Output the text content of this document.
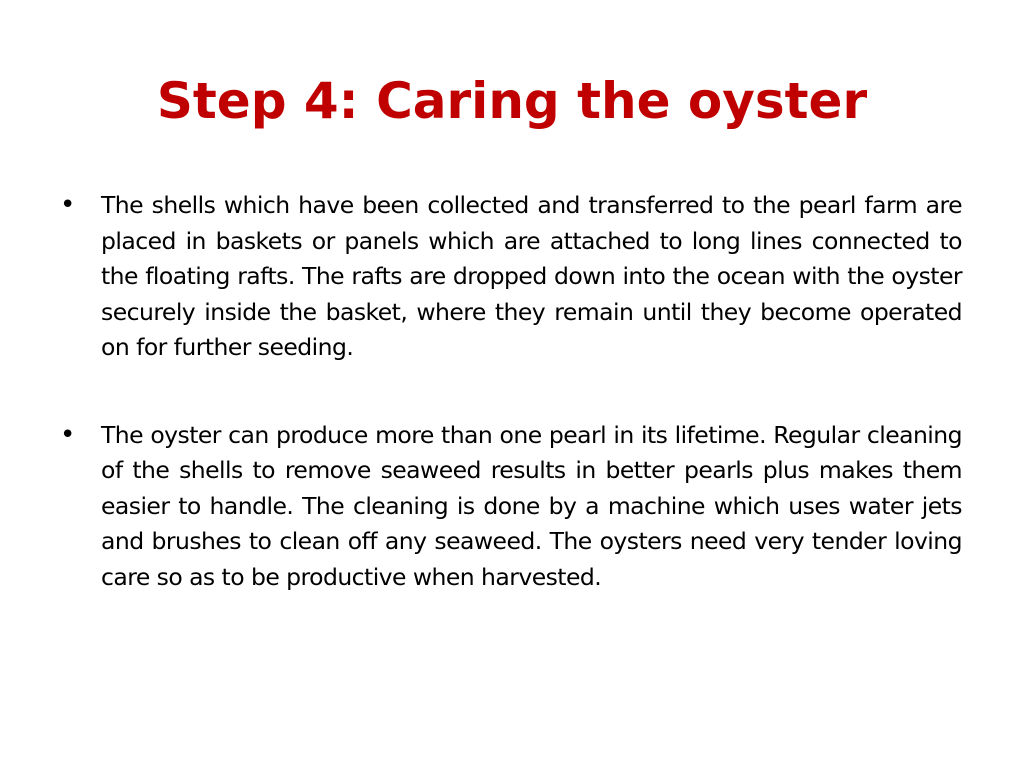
Step 4: Caring the oyster
• The shells which have been collected and transferred to the pearl farm are placed in baskets or panels which are attached to long lines connected to the floating rafts. The rafts are dropped down into the ocean with the oyster securely inside the basket, where they remain until they become operated on for further seeding.
• The oyster can produce more than one pearl in its lifetime. Regular cleaning of the shells to remove seaweed results in better pearls plus makes them easier to handle. The cleaning is done by a machine which uses water jets and brushes to clean off any seaweed. The oysters need very tender loving care so as to be productive when harvested.
